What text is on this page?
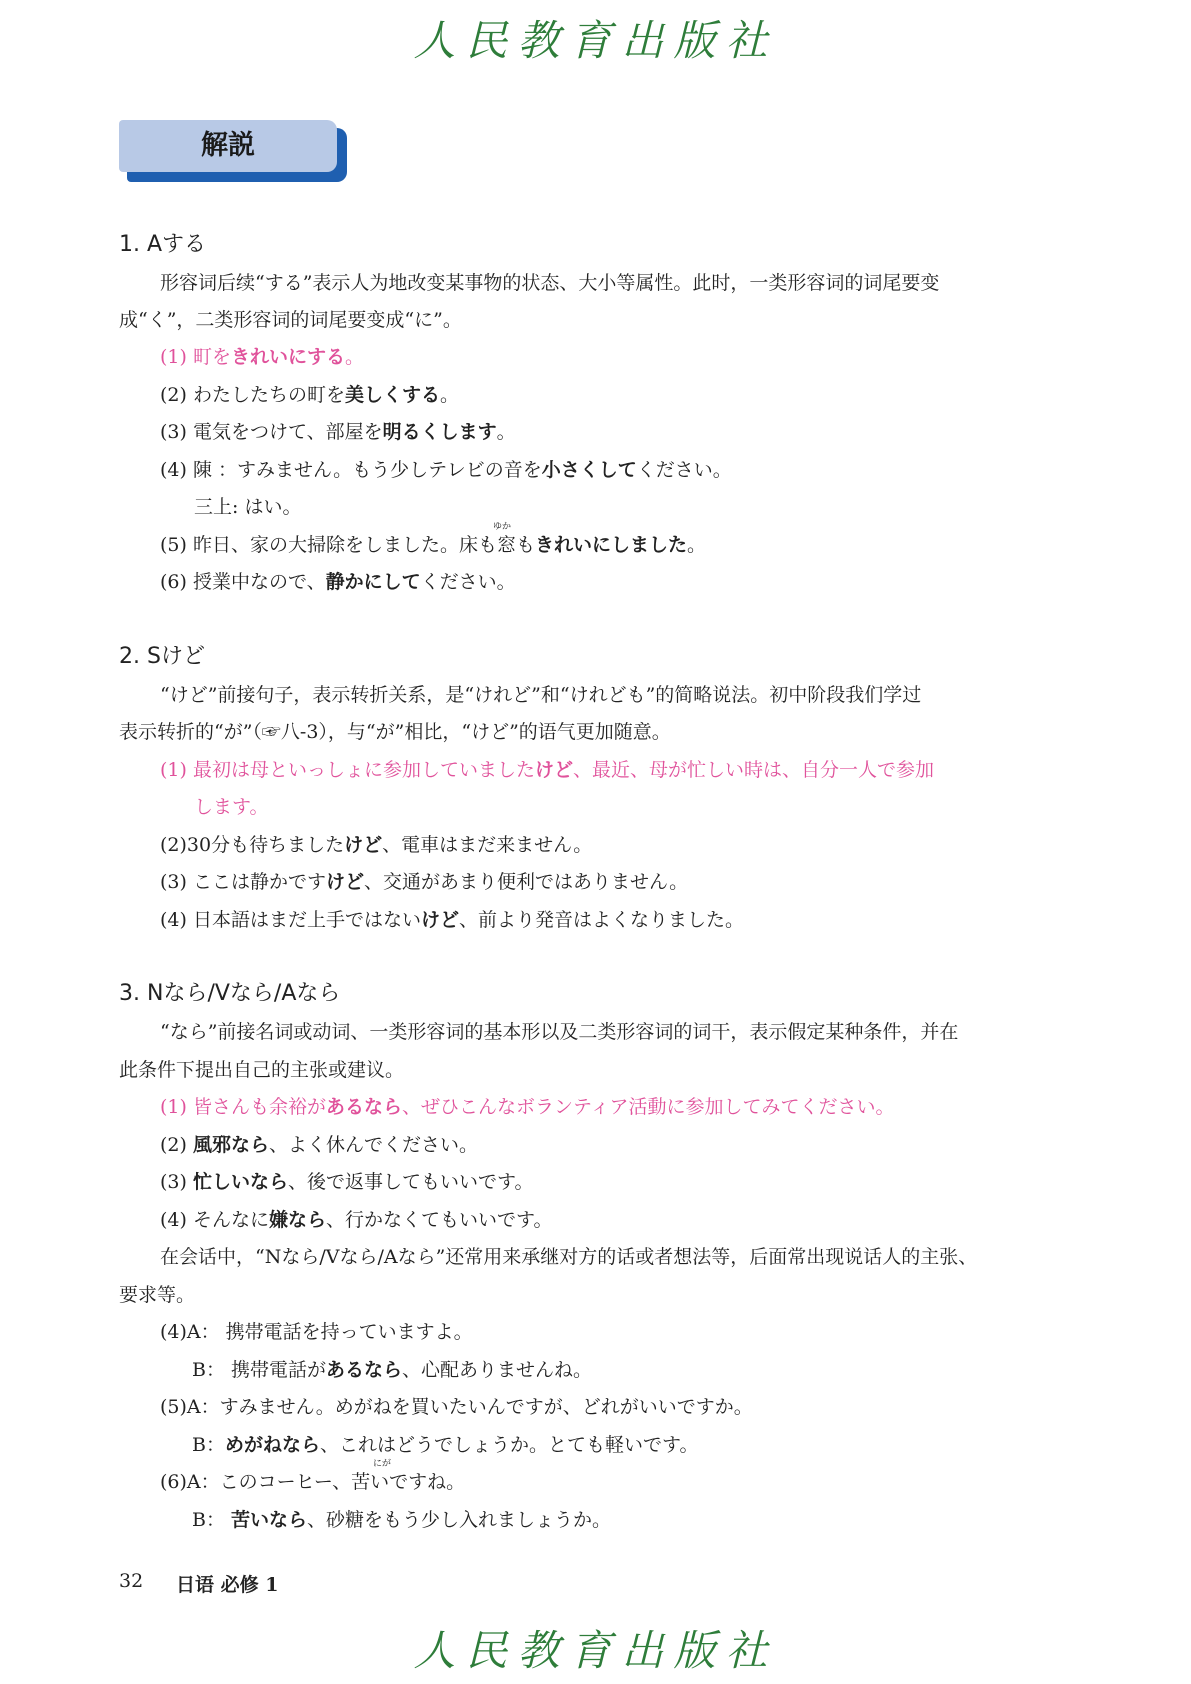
人民教育出版社
解説
1. Aする
形容词后续“する”表示人为地改变某事物的状态、大小等属性。此时，一类形容词的词尾要变
成“く”，二类形容词的词尾要变成“に”。
(1) 町をきれいにする。
(2) わたしたちの町を美しくする。
(3) 電気をつけて、部屋を明るくします。
(4) 陳 ：すみません。もう少しテレビの音を小さくしてください。
三上: はい。
ゆか
(5) 昨日、家の大掃除をしました。床も窓もきれいにしました。
(6) 授業中なので、静かにしてください。
2. Sけど
“けど”前接句子，表示转折关系，是“けれど”和“けれども”的简略说法。初中阶段我们学过
表示转折的“が”（☞八-3），与“が”相比，“けど”的语气更加随意。
(1) 最初は母といっしょに参加していましたけど、最近、母が忙しい時は、自分一人で参加
します。
(2)30分も待ちましたけど、電車はまだ来ません。
(3) ここは静かですけど、交通があまり便利ではありません。
(4) 日本語はまだ上手ではないけど、前より発音はよくなりました。
3. Nなら/Vなら/Aなら
“なら”前接名词或动词、一类形容词的基本形以及二类形容词的词干，表示假定某种条件，并在
此条件下提出自己的主张或建议。
(1) 皆さんも余裕があるなら、ぜひこんなボランティア活動に参加してみてください。
(2) 風邪なら、よく休んでください。
(3) 忙しいなら、後で返事してもいいです。
(4) そんなに嫌なら、行かなくてもいいです。
在会话中，“Nなら/Vなら/Aなら”还常用来承继对方的话或者想法等，后面常出现说话人的主张、
要求等。
(4)A： 携帯電話を持っていますよ。
B： 携帯電話があるなら、心配ありませんね。
(5)A：すみません。めがねを買いたいんですが、どれがいいですか。
B：めがねなら、これはどうでしょうか。とても軽いです。
にが
(6)A：このコーヒー、苦いですね。
B： 苦いなら、砂糖をもう少し入れましょうか。
32 日语 必修 1
人民教育出版社
